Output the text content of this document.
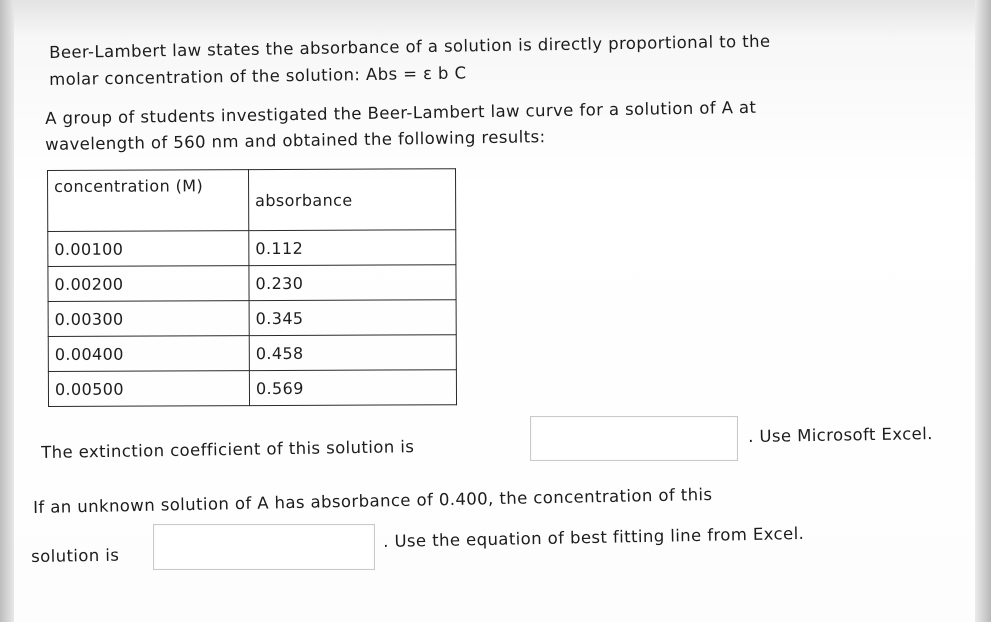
Beer-Lambert law states the absorbance of a solution is directly proportional to the
molar concentration of the solution: Abs = ε b C
A group of students investigated the Beer-Lambert law curve for a solution of A at
wavelength of 560 nm and obtained the following results:
concentration (M)	absorbance
0.00100	0.112
0.00200	0.230
0.00300	0.345
0.00400	0.458
0.00500	0.569
The extinction coefficient of this solution is
. Use Microsoft Excel.
If an unknown solution of A has absorbance of 0.400, the concentration of this
solution is
. Use the equation of best fitting line from Excel.
